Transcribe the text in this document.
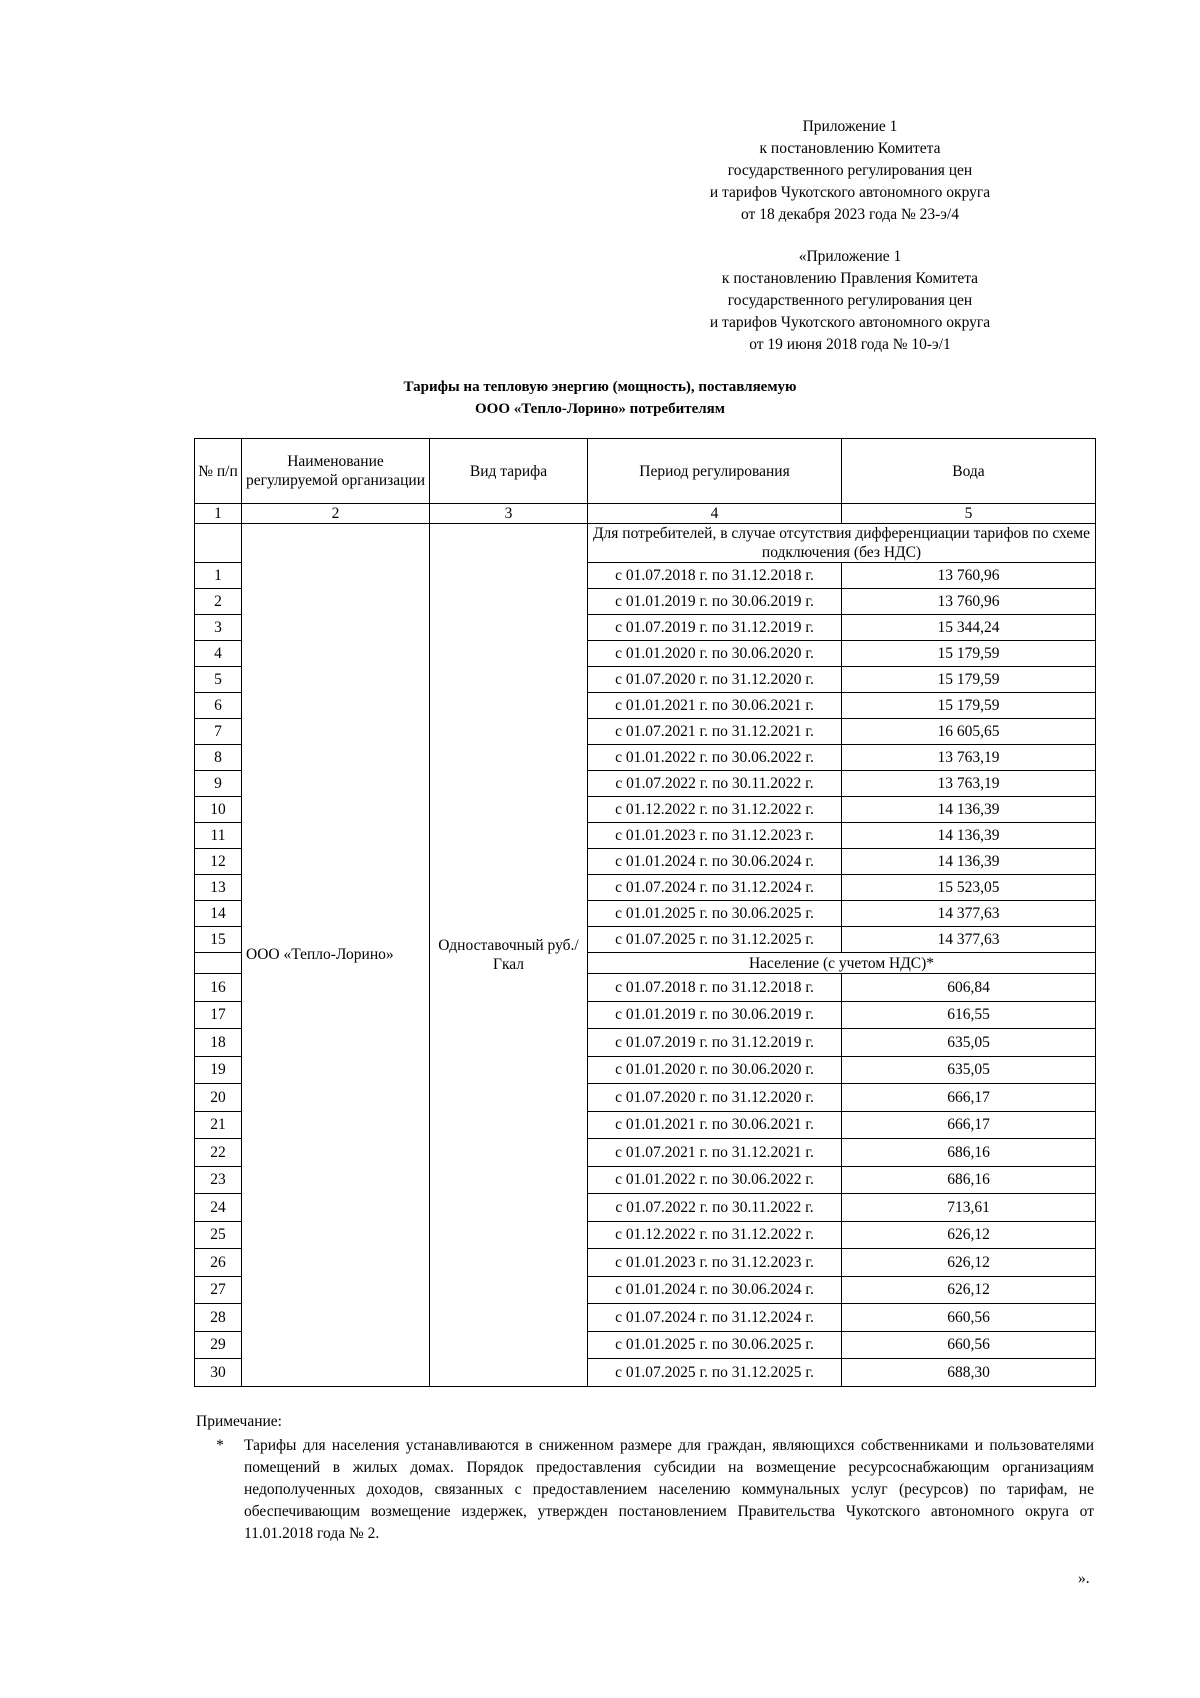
Приложение 1
к постановлению Комитета
государственного регулирования цен
и тарифов Чукотского автономного округа
от 18 декабря 2023 года № 23-э/4
«Приложение 1
к постановлению Правления Комитета
государственного регулирования цен
и тарифов Чукотского автономного округа
от 19 июня 2018 года № 10-э/1
Тарифы на тепловую энергию (мощность), поставляемую
ООО «Тепло-Лорино» потребителям
№ п/п	Наименование регулируемой организации	Вид тарифа	Период регулирования	Вода
1	2	3	4	5
	ООО «Тепло-Лорино»	Одноставочный руб./Гкал	Для потребителей, в случае отсутствия дифференциации тарифов по схеме подключения (без НДС)	
1			с 01.07.2018 г. по 31.12.2018 г.	13 760,96
2			с 01.01.2019 г. по 30.06.2019 г.	13 760,96
3			с 01.07.2019 г. по 31.12.2019 г.	15 344,24
4			с 01.01.2020 г. по 30.06.2020 г.	15 179,59
5			с 01.07.2020 г. по 31.12.2020 г.	15 179,59
6			с 01.01.2021 г. по 30.06.2021 г.	15 179,59
7			с 01.07.2021 г. по 31.12.2021 г.	16 605,65
8			с 01.01.2022 г. по 30.06.2022 г.	13 763,19
9			с 01.07.2022 г. по 30.11.2022 г.	13 763,19
10			с 01.12.2022 г. по 31.12.2022 г.	14 136,39
11			с 01.01.2023 г. по 31.12.2023 г.	14 136,39
12			с 01.01.2024 г. по 30.06.2024 г.	14 136,39
13			с 01.07.2024 г. по 31.12.2024 г.	15 523,05
14			с 01.01.2025 г. по 30.06.2025 г.	14 377,63
15			с 01.07.2025 г. по 31.12.2025 г.	14 377,63
			Население (с учетом НДС)*	
16			с 01.07.2018 г. по 31.12.2018 г.	606,84
17			с 01.01.2019 г. по 30.06.2019 г.	616,55
18			с 01.07.2019 г. по 31.12.2019 г.	635,05
19			с 01.01.2020 г. по 30.06.2020 г.	635,05
20			с 01.07.2020 г. по 31.12.2020 г.	666,17
21			с 01.01.2021 г. по 30.06.2021 г.	666,17
22			с 01.07.2021 г. по 31.12.2021 г.	686,16
23			с 01.01.2022 г. по 30.06.2022 г.	686,16
24			с 01.07.2022 г. по 30.11.2022 г.	713,61
25			с 01.12.2022 г. по 31.12.2022 г.	626,12
26			с 01.01.2023 г. по 31.12.2023 г.	626,12
27			с 01.01.2024 г. по 30.06.2024 г.	626,12
28			с 01.07.2024 г. по 31.12.2024 г.	660,56
29			с 01.01.2025 г. по 30.06.2025 г.	660,56
30			с 01.07.2025 г. по 31.12.2025 г.	688,30
Примечание:
*	Тарифы для населения устанавливаются в сниженном размере для граждан, являющихся собственниками и пользователями помещений в жилых домах. Порядок предоставления субсидии на возмещение ресурсоснабжающим организациям недополученных доходов, связанных с предоставлением населению коммунальных услуг (ресурсов) по тарифам, не обеспечивающим возмещение издержек, утвержден постановлением Правительства Чукотского автономного округа от 11.01.2018 года № 2.
».
